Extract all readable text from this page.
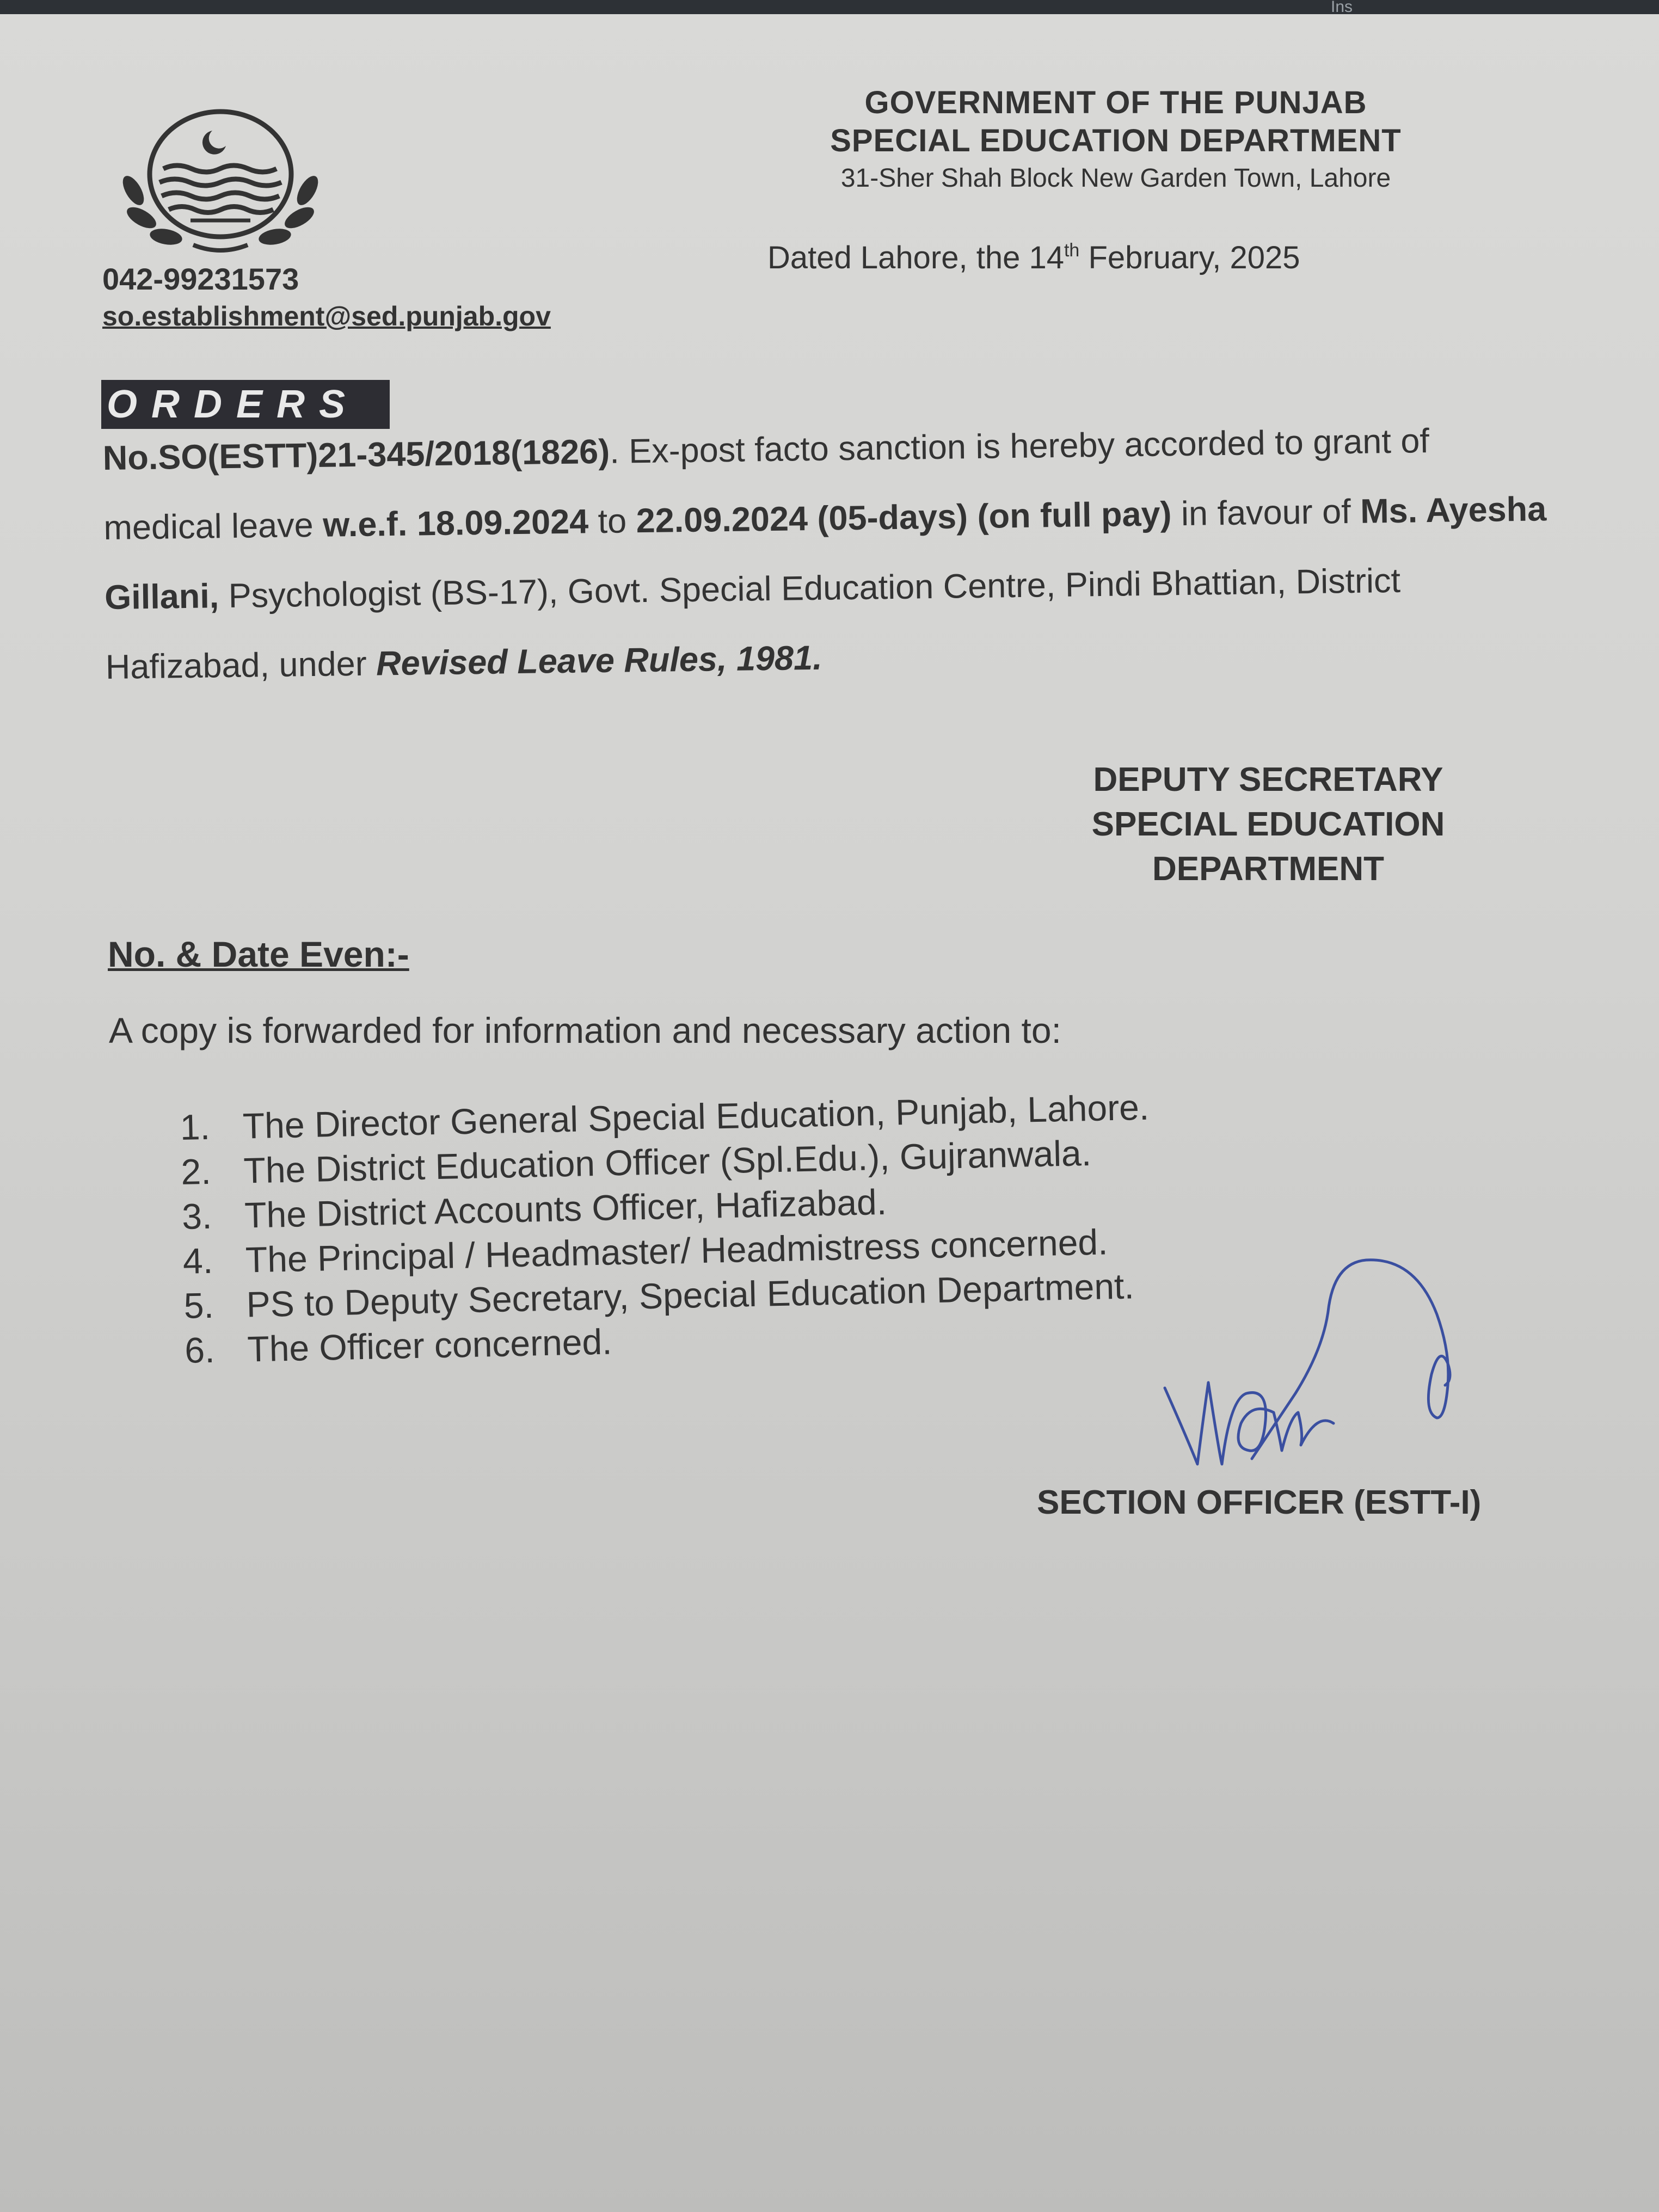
Ins
GOVERNMENT OF THE PUNJAB
SPECIAL EDUCATION DEPARTMENT
31-Sher Shah Block New Garden Town, Lahore
Dated Lahore, the 14th February, 2025
042-99231573
so.establishment@sed.punjab.gov
ORDERS
No.SO(ESTT)21-345/2018(1826). Ex-post facto sanction is hereby accorded to grant of medical leave w.e.f. 18.09.2024 to 22.09.2024 (05-days) (on full pay) in favour of Ms. Ayesha Gillani, Psychologist (BS-17), Govt. Special Education Centre, Pindi Bhattian, District Hafizabad, under Revised Leave Rules, 1981.
DEPUTY SECRETARY
SPECIAL EDUCATION
DEPARTMENT
No. & Date Even:-
A copy is forwarded for information and necessary action to:
1. The Director General Special Education, Punjab, Lahore.
2. The District Education Officer (Spl.Edu.), Gujranwala.
3. The District Accounts Officer, Hafizabad.
4. The Principal / Headmaster/ Headmistress concerned.
5. PS to Deputy Secretary, Special Education Department.
6. The Officer concerned.
SECTION OFFICER (ESTT-I)
